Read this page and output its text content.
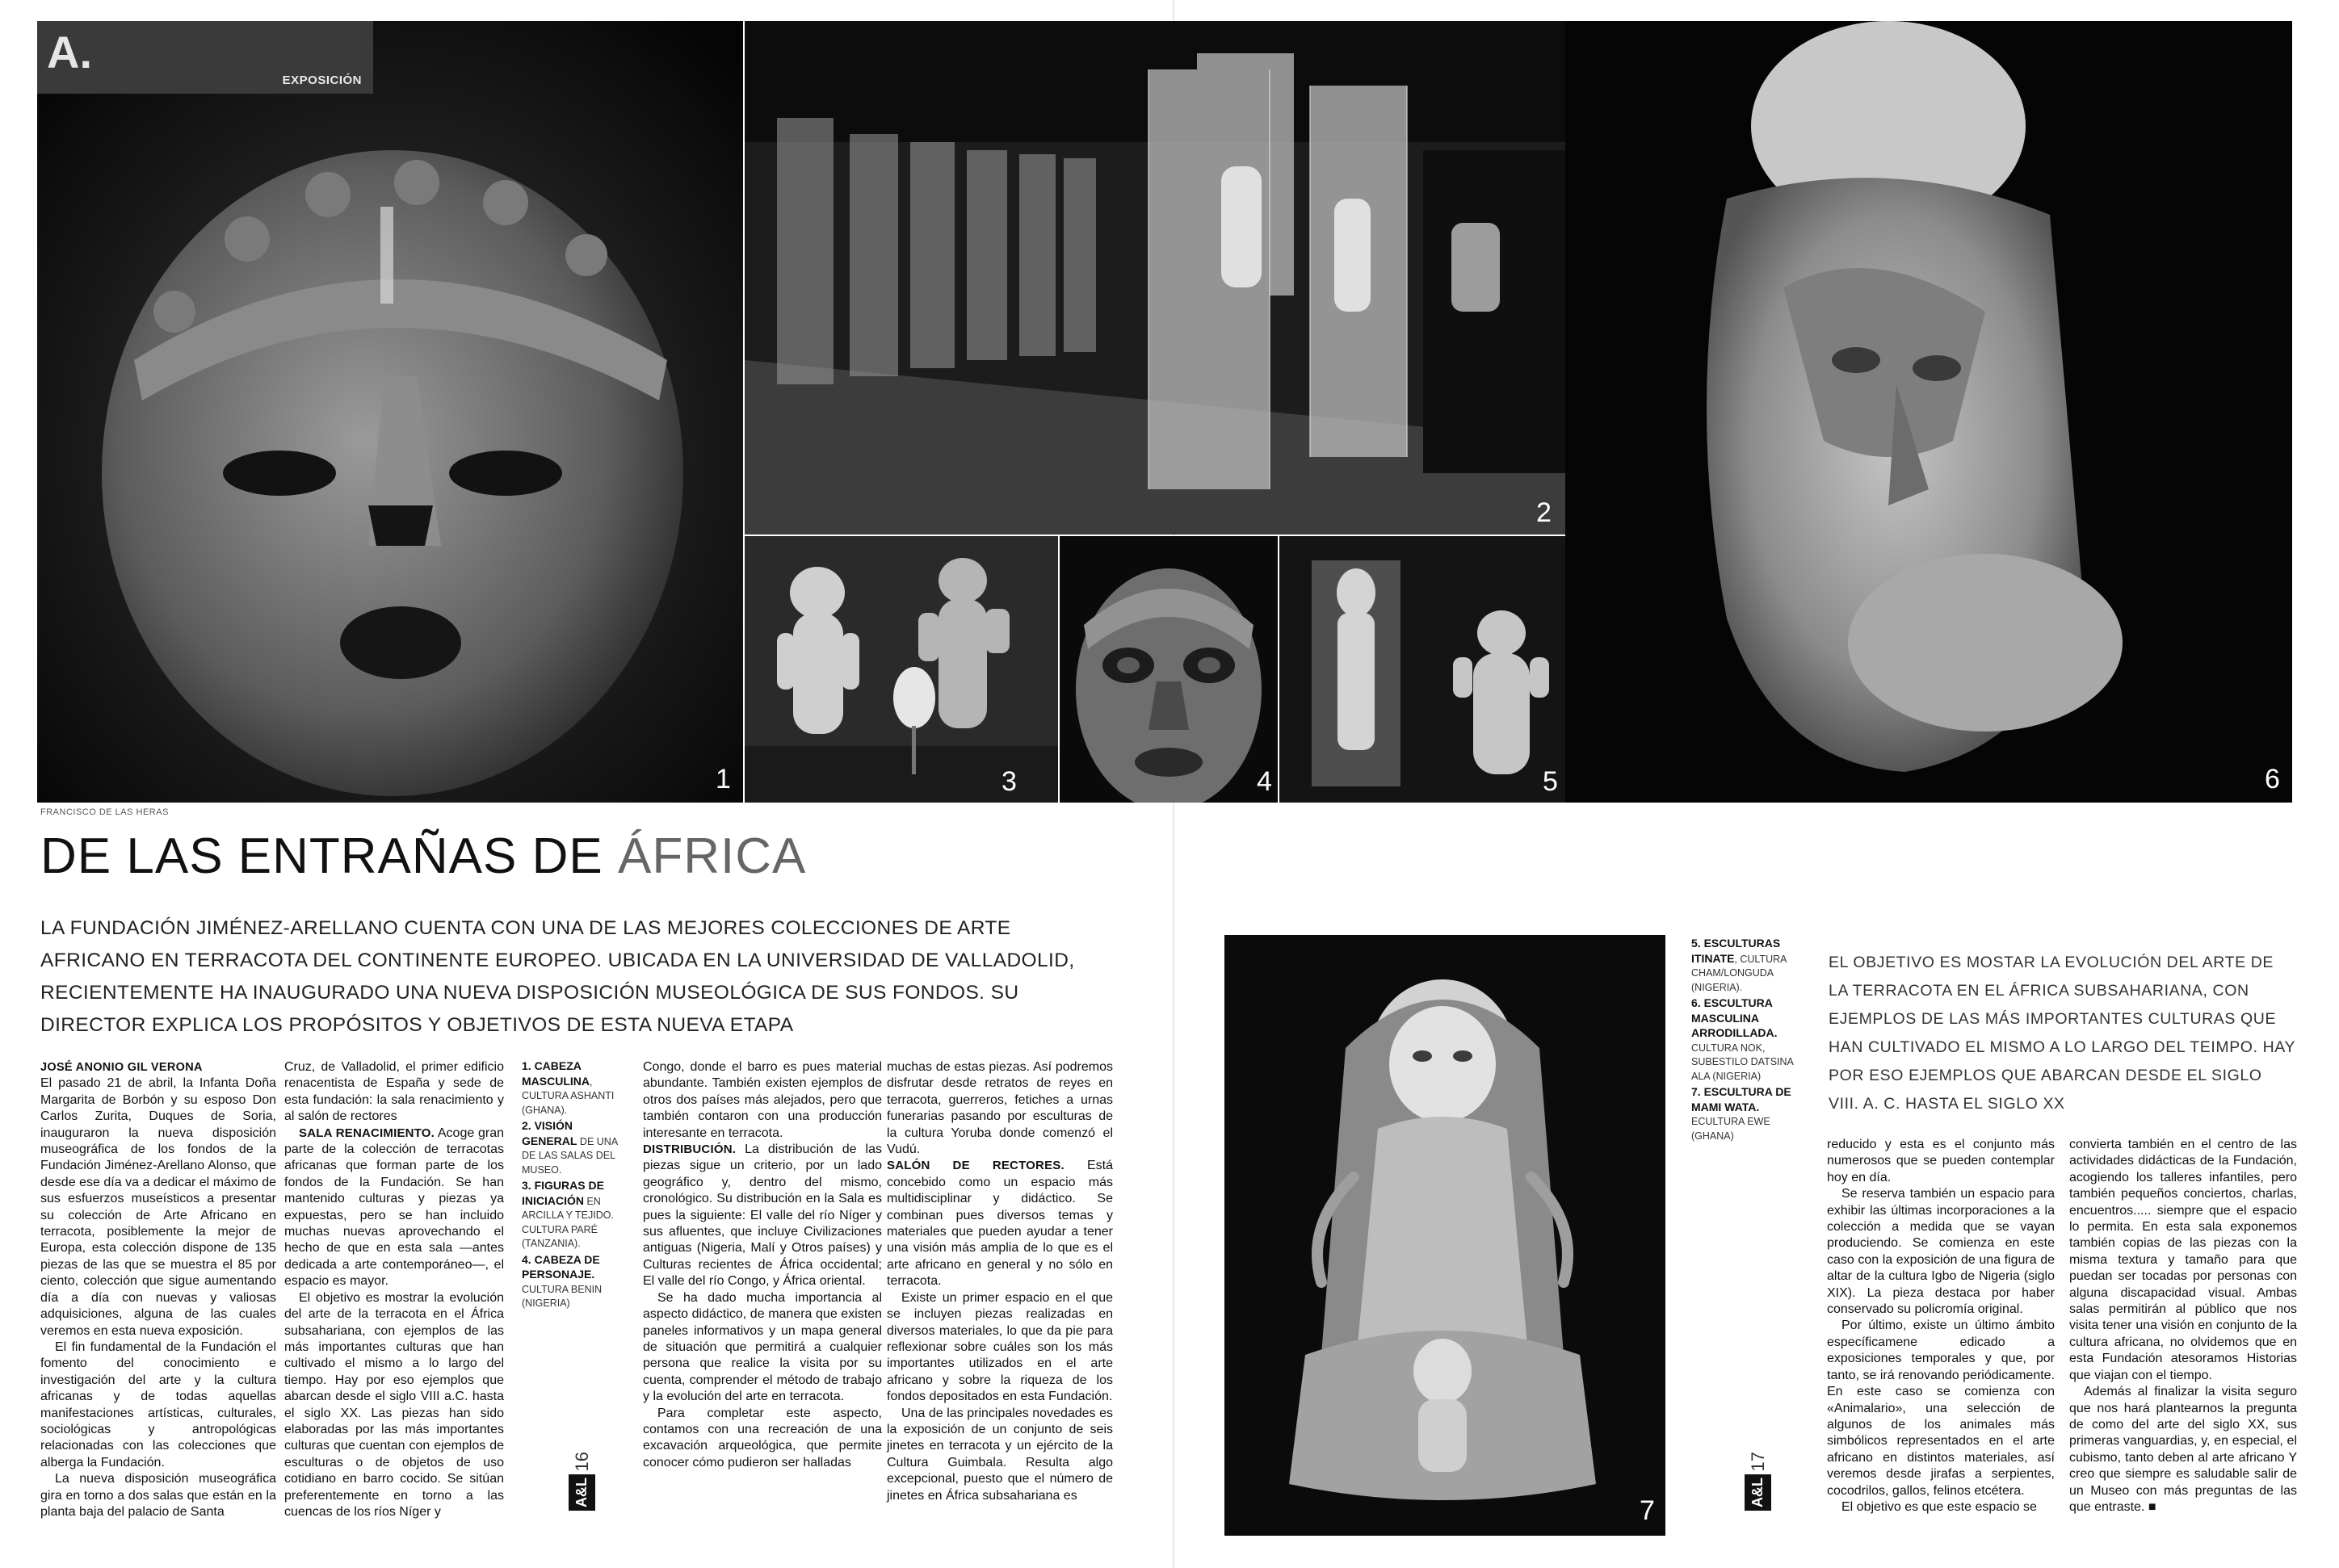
1
A.
EXPOSICIÓN
2
6
3	4	5
FRANCISCO DE LAS HERAS
DE LAS ENTRAÑAS DE ÁFRICA
LA FUNDACIÓN JIMÉNEZ-ARELLANO CUENTA CON UNA DE LAS MEJORES COLECCIONES DE ARTE AFRICANO EN TERRACOTA DEL CONTINENTE EUROPEO. UBICADA EN LA UNIVERSIDAD DE VALLADOLID, RECIENTEMENTE HA INAUGURADO UNA NUEVA DISPOSICIÓN MUSEOLÓGICA DE SUS FONDOS. SU DIRECTOR EXPLICA LOS PROPÓSITOS Y OBJETIVOS DE ESTA NUEVA ETAPA

JOSÉ ANONIO GIL VERONA
El pasado 21 de abril, la Infanta Doña Margarita de Borbón y su esposo Don Carlos Zurita, Duques de Soria, inauguraron la nueva disposición museográfica de los fondos de la Fundación Jiménez-Arellano Alonso, que desde ese día va a dedicar el máximo de sus esfuerzos museísticos a presentar su colección de Arte Africano en terracota, posiblemente la mejor de Europa, esta colección dispone de 135 piezas de las que se muestra el 85 por ciento, colección que sigue aumentando día a día con nuevas y valiosas adquisiciones, alguna de las cuales veremos en esta nueva exposición.

El fin fundamental de la Fundación el fomento del conocimiento e investigación del arte y la cultura africanas y de todas aquellas manifestaciones artísticas, culturales, sociológicas y antropológicas relacionadas con las colecciones que alberga la Fundación.

La nueva disposición museográfica gira en torno a dos salas que están en la planta baja del palacio de Santa

Cruz, de Valladolid, el primer edificio renacentista de España y sede de esta fundación: la sala renacimiento y al salón de rectores

SALA RENACIMIENTO. Acoge gran parte de la colección de terracotas africanas que forman parte de los fondos de la Fundación. Se han mantenido culturas y piezas ya expuestas, pero se han incluido muchas nuevas aprovechando el hecho de que en esta sala —antes dedicada a arte contemporáneo—, el espacio es mayor.

El objetivo es mostrar la evolución del arte de la terracota en el África subsahariana, con ejemplos de las más importantes culturas que han cultivado el mismo a lo largo del tiempo. Hay por eso ejemplos que abarcan desde el siglo VIII a.C. hasta el siglo XX. Las piezas han sido elaboradas por las más importantes culturas que cuentan con ejemplos de esculturas o de objetos de uso cotidiano en barro cocido. Se sitúan preferentemente en torno a las cuencas de los ríos Níger y

1. CABEZA MASCULINA, CULTURA ASHANTI (GHANA).
2. VISIÓN GENERAL DE UNA DE LAS SALAS DEL MUSEO.
3. FIGURAS DE INICIACIÓN EN ARCILLA Y TEJIDO. CULTURA PARÉ (TANZANIA).
4. CABEZA DE PERSONAJE. CULTURA BENIN (NIGERIA)
16
A&L

Congo, donde el barro es pues material abundante. También existen ejemplos de otros dos países más alejados, pero que también contaron con una producción interesante en terracota.

DISTRIBUCIÓN. La distribución de las piezas sigue un criterio, por un lado geográfico y, dentro del mismo, cronológico. Su distribución en la Sala es pues la siguiente: El valle del río Níger y sus afluentes, que incluye Civilizaciones antiguas (Nigeria, Malí y Otros países) y Culturas recientes de África occidental; El valle del río Congo, y África oriental.

Se ha dado mucha importancia al aspecto didáctico, de manera que existen paneles informativos y un mapa general de situación que permitirá a cualquier persona que realice la visita por su cuenta, comprender el método de trabajo y la evolución del arte en terracota.

Para completar este aspecto, contamos con una recreación de una excavación arqueológica, que permite conocer cómo pudieron ser halladas

muchas de estas piezas. Así podremos disfrutar desde retratos de reyes en terracota, guerreros, fetiches a urnas funerarias pasando por esculturas de la cultura Yoruba donde comenzó el Vudú.

SALÓN DE RECTORES. Está concebido como un espacio más multidisciplinar y didáctico. Se combinan pues diversos temas y materiales que pueden ayudar a tener una visión más amplia de lo que es el arte africano en general y no sólo en terracota.

Existe un primer espacio en el que se incluyen piezas realizadas en diversos materiales, lo que da pie para reflexionar sobre cuáles son los más importantes utilizados en el arte africano y sobre la riqueza de los fondos depositados en esta Fundación.

Una de las principales novedades es la exposición de un conjunto de seis jinetes en terracota y un ejército de la Cultura Guimbala. Resulta algo excepcional, puesto que el número de jinetes en África subsahariana es	7
5. ESCULTURAS ITINATE, CULTURA CHAM/LONGUDA (NIGERIA).
6. ESCULTURA MASCULINA ARRODILLADA. CULTURA NOK, SUBESTILO DATSINA ALA (NIGERIA)
7. ESCULTURA DE MAMI WATA. ECULTURA EWE (GHANA)
EL OBJETIVO ES MOSTAR LA EVOLUCIÓN DEL ARTE DE LA TERRACOTA EN EL ÁFRICA SUBSAHARIANA, CON EJEMPLOS DE LAS MÁS IMPORTANTES CULTURAS QUE HAN CULTIVADO EL MISMO A LO LARGO DEL TEIMPO. HAY POR ESO EJEMPLOS QUE ABARCAN DESDE EL SIGLO VIII. A. C. HASTA EL SIGLO XX
17
A&L

reducido y esta es el conjunto más numerosos que se pueden contemplar hoy en día.

Se reserva también un espacio para exhibir las últimas incorporaciones a la colección a medida que se vayan produciendo. Se comienza en este caso con la exposición de una figura de altar de la cultura Igbo de Nigeria (siglo XIX). La pieza destaca por haber conservado su policromía original.

Por último, existe un último ámbito específicamene edicado a exposiciones temporales y que, por tanto, se irá renovando periódicamente. En este caso se comienza con «Animalario», una selección de algunos de los animales más simbólicos representados en el arte africano en distintos materiales, así veremos desde jirafas a serpientes, cocodrilos, gallos, felinos etcétera.

El objetivo es que este espacio se

convierta también en el centro de las actividades didácticas de la Fundación, acogiendo los talleres infantiles, pero también pequeños conciertos, charlas, encuentros..... siempre que el espacio lo permita. En esta sala exponemos también copias de las piezas con la misma textura y tamaño para que puedan ser tocadas por personas con alguna discapacidad visual. Ambas salas permitirán al público que nos visita tener una visión en conjunto de la cultura africana, no olvidemos que en esta Fundación atesoramos Historias que viajan con el tiempo.

Además al finalizar la visita seguro que nos hará plantearnos la pregunta de como del arte del siglo XX, sus primeras vanguardias, y, en especial, el cubismo, tanto deben al arte africano Y creo que siempre es saludable salir de un Museo con más preguntas de las que entraste. ■
